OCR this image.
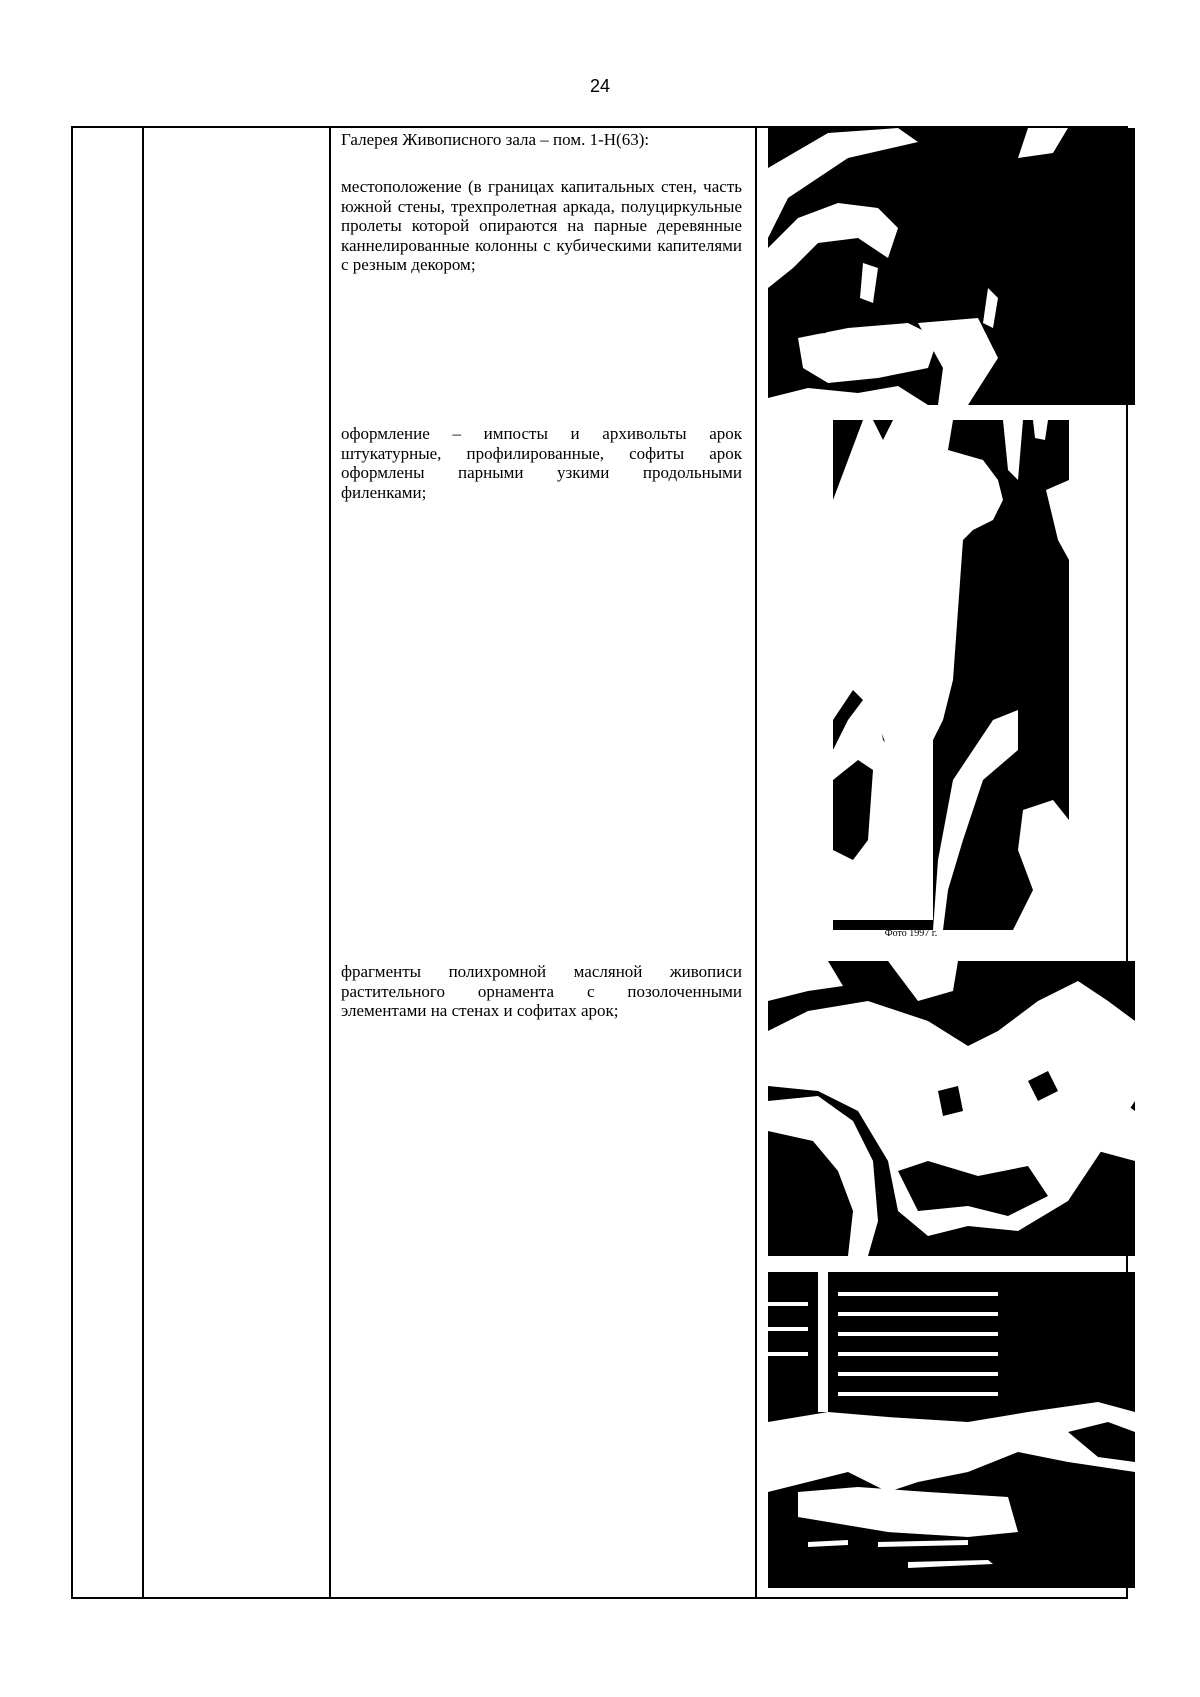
24

Галерея Живописного зала – пом. 1-Н(63):

местоположение (в границах капитальных стен, часть южной стены, трехпролетная аркада, полуциркульные пролеты которой опираются на парные деревянные каннелированные колонны с кубическими капителями с резным декором;

оформление – импосты и архивольты арок штукатурные, профилированные, софиты арок оформлены парными узкими продольными филенками;

фрагменты полихромной масляной живописи растительного орнамента с позолоченными элементами на стенах и софитах арок;

Фото 1997 г.
